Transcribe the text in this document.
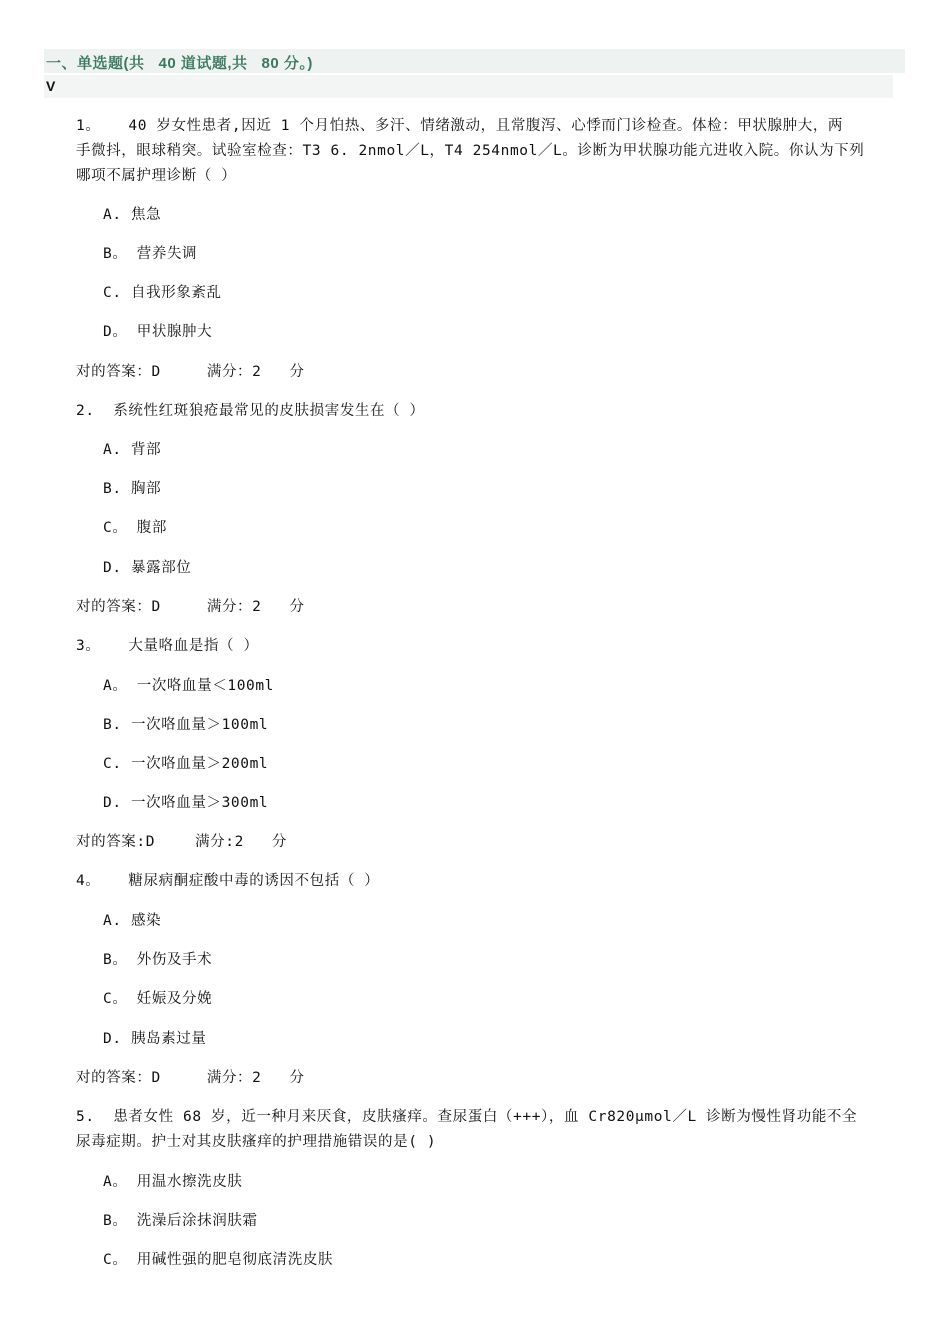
一、单选题(共   40 道试题,共   80 分。)
V
1。   40 岁女性患者,因近 1 个月怕热、多汗、情绪激动，且常腹泻、心悸而门诊检查。体检：甲状腺肿大，两
手微抖，眼球稍突。试验室检查：T3 6. 2nmol／L，T4 254nmol／L。诊断为甲状腺功能亢进收入院。你认为下列
哪项不属护理诊断（ ）
A. 焦急
B。 营养失调
C. 自我形象紊乱
D。 甲状腺肿大
对的答案：D	满分：2   分
2.  系统性红斑狼疮最常见的皮肤损害发生在（ ）
A. 背部
B. 胸部
C。 腹部
D. 暴露部位
对的答案：D	满分：2   分
3。   大量咯血是指（ ）
A。 一次咯血量＜100ml
B. 一次咯血量＞100ml
C. 一次咯血量＞200ml
D. 一次咯血量＞300ml
对的答案:D	满分:2   分
4。   糖尿病酮症酸中毒的诱因不包括（ ）
A. 感染
B。 外伤及手术
C。 妊娠及分娩
D. 胰岛素过量
对的答案：D	满分：2   分
5.  患者女性 68 岁，近一种月来厌食，皮肤瘙痒。查尿蛋白（+++），血 Cr820μmol／L 诊断为慢性肾功能不全
尿毒症期。护士对其皮肤瘙痒的护理措施错误的是( )
A。 用温水擦洗皮肤
B。 洗澡后涂抹润肤霜
C。 用碱性强的肥皂彻底清洗皮肤
